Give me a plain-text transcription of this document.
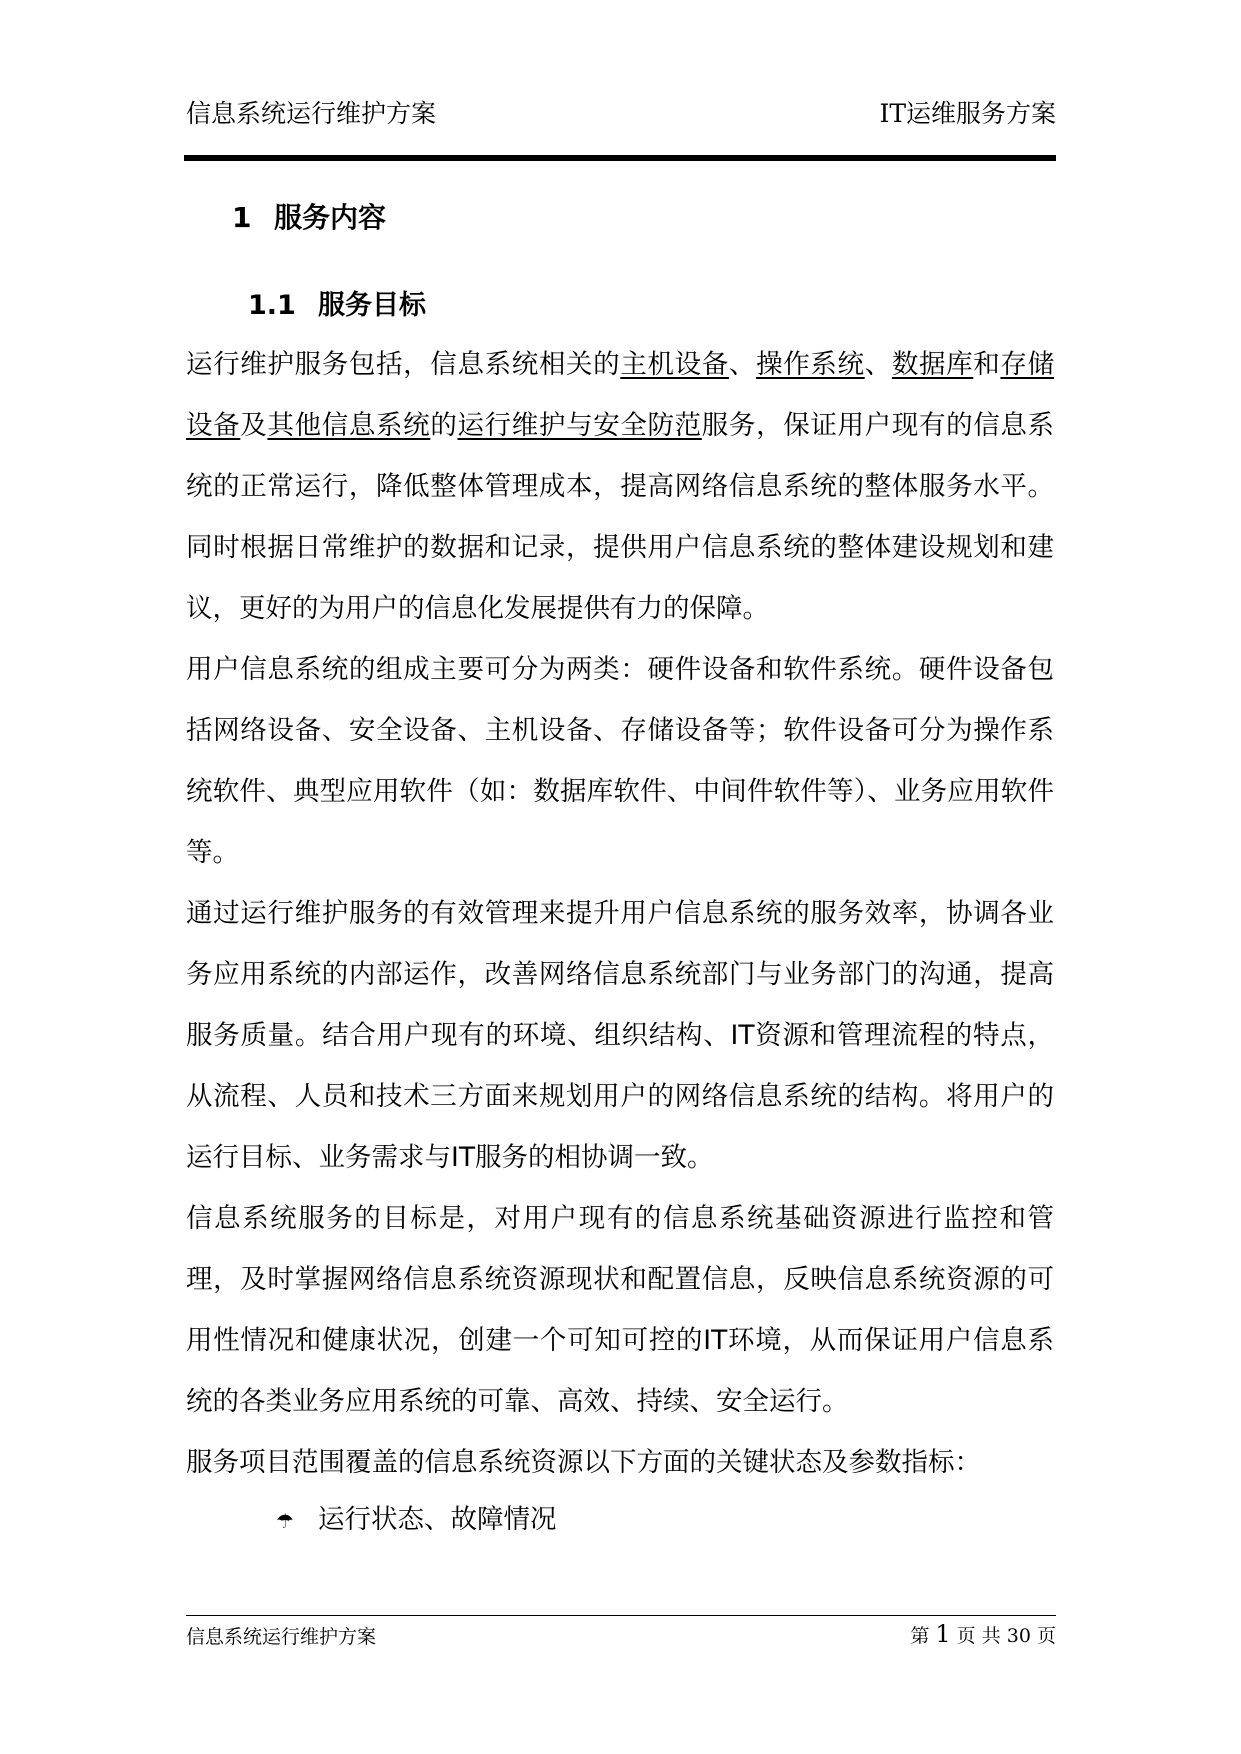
信息系统运行维护方案	IT运维服务方案
1 服务内容
1.1 服务目标

运行维护服务包括，信息系统相关的主机设备、操作系统、数据库和存储设备及其他信息系统的运行维护与安全防范服务，保证用户现有的信息系统的正常运行，降低整体管理成本，提高网络信息系统的整体服务水平。同时根据日常维护的数据和记录，提供用户信息系统的整体建设规划和建议，更好的为用户的信息化发展提供有力的保障。

用户信息系统的组成主要可分为两类：硬件设备和软件系统。硬件设备包括网络设备、安全设备、主机设备、存储设备等；软件设备可分为操作系统软件、典型应用软件（如：数据库软件、中间件软件等）、业务应用软件等。

通过运行维护服务的有效管理来提升用户信息系统的服务效率，协调各业务应用系统的内部运作，改善网络信息系统部门与业务部门的沟通，提高服务质量。结合用户现有的环境、组织结构、IT资源和管理流程的特点，从流程、人员和技术三方面来规划用户的网络信息系统的结构。将用户的运行目标、业务需求与IT服务的相协调一致。

信息系统服务的目标是，对用户现有的信息系统基础资源进行监控和管理，及时掌握网络信息系统资源现状和配置信息，反映信息系统资源的可用性情况和健康状况，创建一个可知可控的IT环境，从而保证用户信息系统的各类业务应用系统的可靠、高效、持续、安全运行。

服务项目范围覆盖的信息系统资源以下方面的关键状态及参数指标：

☂ 运行状态、故障情况
信息系统运行维护方案	第 1 页 共 30 页
